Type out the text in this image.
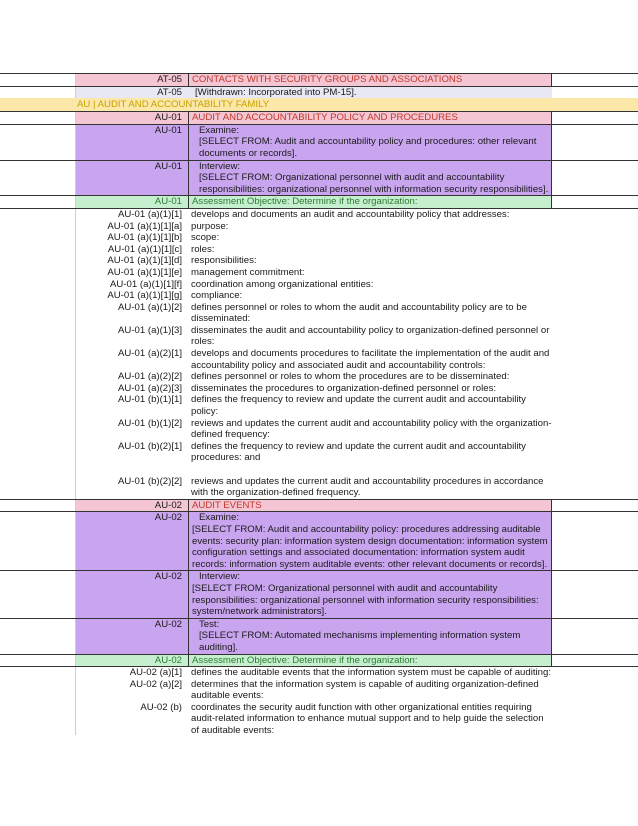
AT-05	CONTACTS WITH SECURITY GROUPS AND ASSOCIATIONS
AT-05	[Withdrawn: Incorporated into PM-15].
AU | AUDIT AND ACCOUNTABILITY FAMILY
AU-01	AUDIT AND ACCOUNTABILITY POLICY AND PROCEDURES
AU-01	Examine:
[SELECT FROM: Audit and accountability policy and procedures: other relevant documents or records].
AU-01	Interview:
[SELECT FROM: Organizational personnel with audit and accountability responsibilities: organizational personnel with information security responsibilities].
AU-01	Assessment Objective: Determine if the organization:
AU-01 (a)(1)[1] develops and documents an audit and accountability policy that addresses:
AU-01 (a)(1)[1][a] purpose:
AU-01 (a)(1)[1][b] scope:
AU-01 (a)(1)[1][c] roles:
AU-01 (a)(1)[1][d] responsibilities:
AU-01 (a)(1)[1][e] management commitment:
AU-01 (a)(1)[1][f] coordination among organizational entities:
AU-01 (a)(1)[1][g] compliance:
AU-01 (a)(1)[2] defines personnel or roles to whom the audit and accountability policy are to be disseminated:
AU-01 (a)(1)[3] disseminates the audit and accountability policy to organization-defined personnel or roles:
AU-01 (a)(2)[1] develops and documents procedures to facilitate the implementation of the audit and accountability policy and associated audit and accountability controls:
AU-01 (a)(2)[2] defines personnel or roles to whom the procedures are to be disseminated:
AU-01 (a)(2)[3] disseminates the procedures to organization-defined personnel or roles:
AU-01 (b)(1)[1] defines the frequency to review and update the current audit and accountability policy:
AU-01 (b)(1)[2] reviews and updates the current audit and accountability policy with the organization-defined frequency:
AU-01 (b)(2)[1] defines the frequency to review and update the current audit and accountability procedures: and
AU-01 (b)(2)[2] reviews and updates the current audit and accountability procedures in accordance with the organization-defined frequency.
AU-02	AUDIT EVENTS
AU-02	Examine:
[SELECT FROM: Audit and accountability policy: procedures addressing auditable events: security plan: information system design documentation: information system configuration settings and associated documentation: information system audit records: information system auditable events: other relevant documents or records].
AU-02	Interview:
[SELECT FROM: Organizational personnel with audit and accountability responsibilities: organizational personnel with information security responsibilities: system/network administrators].
AU-02	Test:
[SELECT FROM: Automated mechanisms implementing information system auditing].
AU-02	Assessment Objective: Determine if the organization:
AU-02 (a)[1] defines the auditable events that the information system must be capable of auditing:
AU-02 (a)[2] determines that the information system is capable of auditing organization-defined auditable events:
AU-02 (b) coordinates the security audit function with other organizational entities requiring audit-related information to enhance mutual support and to help guide the selection of auditable events:
